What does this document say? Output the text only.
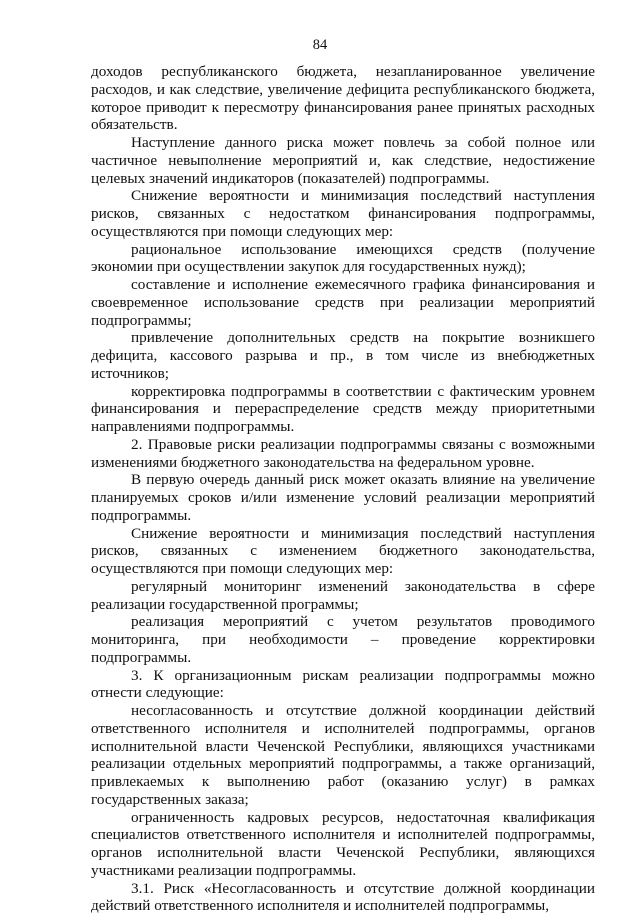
84

доходов республиканского бюджета, незапланированное увеличение расходов, и как следствие, увеличение дефицита республиканского бюджета, которое приводит к пересмотру финансирования ранее принятых расходных обязательств.

Наступление данного риска может повлечь за собой полное или частичное невыполнение мероприятий и, как следствие, недостижение целевых значений индикаторов (показателей) подпрограммы.

Снижение вероятности и минимизация последствий наступления рисков, связанных с недостатком финансирования подпрограммы, осуществляются при помощи следующих мер:

рациональное использование имеющихся средств (получение экономии при осуществлении закупок для государственных нужд);

составление и исполнение ежемесячного графика финансирования и своевременное использование средств при реализации мероприятий подпрограммы;

привлечение дополнительных средств на покрытие возникшего дефицита, кассового разрыва и пр., в том числе из внебюджетных источников;

корректировка подпрограммы в соответствии с фактическим уровнем финансирования и перераспределение средств между приоритетными направлениями подпрограммы.

2. Правовые риски реализации подпрограммы связаны с возможными изменениями бюджетного законодательства на федеральном уровне.

В первую очередь данный риск может оказать влияние на увеличение планируемых сроков и/или изменение условий реализации мероприятий подпрограммы.

Снижение вероятности и минимизация последствий наступления рисков, связанных с изменением бюджетного законодательства, осуществляются при помощи следующих мер:

регулярный мониторинг изменений законодательства в сфере реализации государственной программы;

реализация мероприятий с учетом результатов проводимого мониторинга, при необходимости – проведение корректировки подпрограммы.

3. К организационным рискам реализации подпрограммы можно отнести следующие:

несогласованность и отсутствие должной координации действий ответственного исполнителя и исполнителей подпрограммы, органов исполнительной власти Чеченской Республики, являющихся участниками реализации отдельных мероприятий подпрограммы, а также организаций, привлекаемых к выполнению работ (оказанию услуг) в рамках государственных заказа;

ограниченность кадровых ресурсов, недостаточная квалификация специалистов ответственного исполнителя и исполнителей подпрограммы, органов исполнительной власти Чеченской Республики, являющихся участниками реализации подпрограммы.

3.1. Риск «Несогласованность и отсутствие должной координации действий ответственного исполнителя и исполнителей подпрограммы,
